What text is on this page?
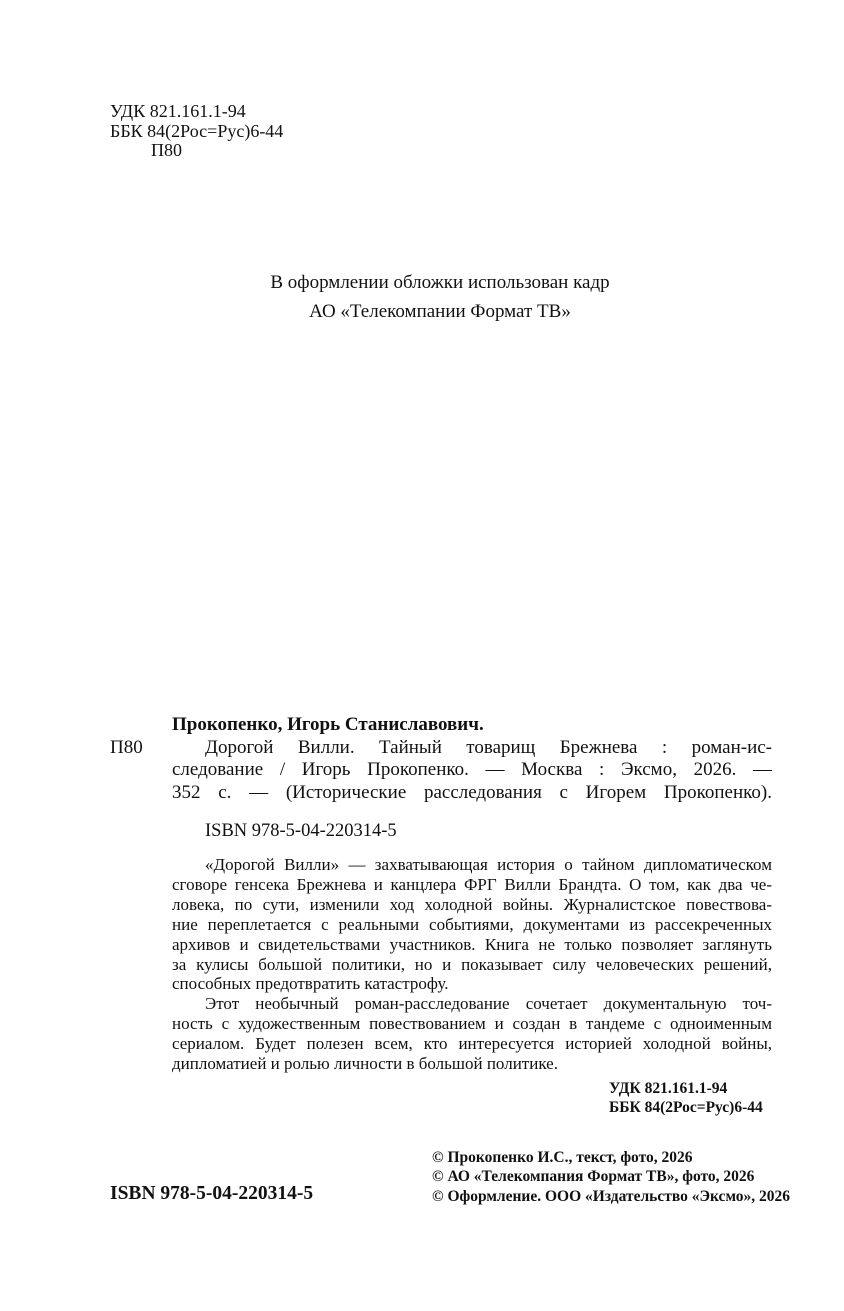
УДК 821.161.1-94
ББК 84(2Рос=Рус)6-44
П80
В оформлении обложки использован кадр
АО «Телекомпании Формат ТВ»
П80
Прокопенко, Игорь Станиславович.
Дорогой Вилли. Тайный товарищ Брежнева : роман-ис-
следование / Игорь Прокопенко. — Москва : Эксмо, 2026. —
352 с. — (Исторические расследования с Игорем Прокопенко).
ISBN 978-5-04-220314-5
«Дорогой Вилли» — захватывающая история о тайном дипломатическом
сговоре генсека Брежнева и канцлера ФРГ Вилли Брандта. О том, как два че-
ловека, по сути, изменили ход холодной войны. Журналистское повествова-
ние переплетается с реальными событиями, документами из рассекреченных
архивов и свидетельствами участников. Книга не только позволяет заглянуть
за кулисы большой политики, но и показывает силу человеческих решений,
способных предотвратить катастрофу.
Этот необычный роман-расследование сочетает документальную точ-
ность с художественным повествованием и создан в тандеме с одноименным
сериалом. Будет полезен всем, кто интересуется историей холодной войны,
дипломатией и ролью личности в большой политике.
УДК 821.161.1-94
ББК 84(2Рос=Рус)6-44
© Прокопенко И.С., текст, фото, 2026
© АО «Телекомпания Формат ТВ», фото, 2026
© Оформление. ООО «Издательство «Эксмо», 2026
ISBN 978-5-04-220314-5
